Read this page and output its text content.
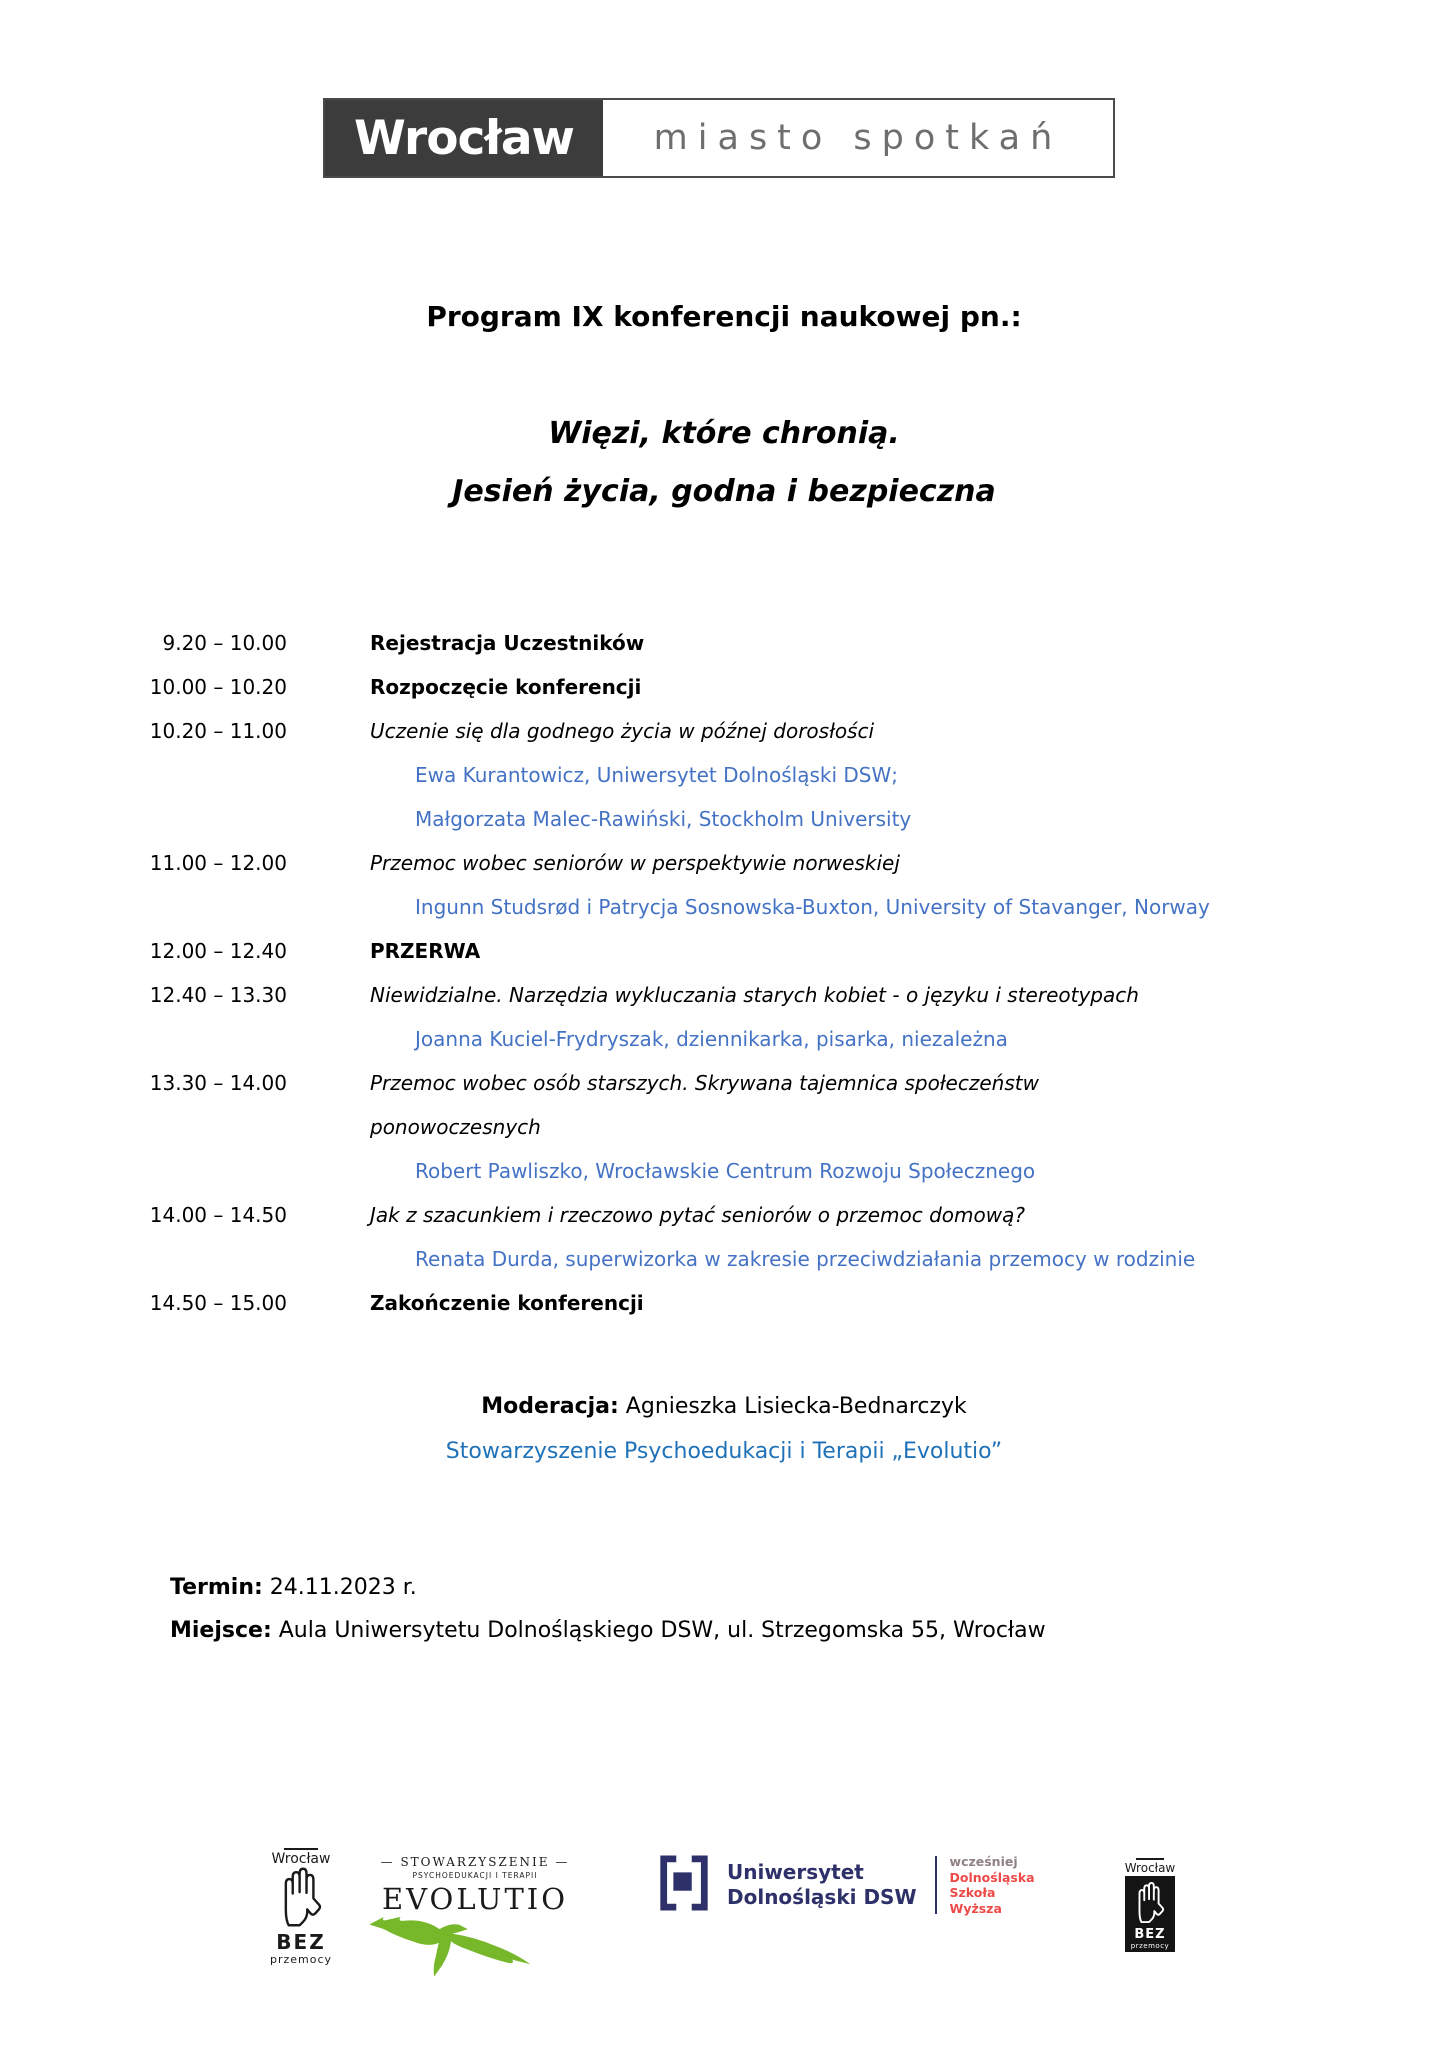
Wrocław	miasto spotkań
Program IX konferencji naukowej pn.:
Więzi, które chronią.
Jesień życia, godna i bezpieczna
9.20 – 10.00	Rejestracja Uczestników
10.00 – 10.20	Rozpoczęcie konferencji
10.20 – 11.00	Uczenie się dla godnego życia w późnej dorosłości
Ewa Kurantowicz, Uniwersytet Dolnośląski DSW;
Małgorzata Malec-Rawiński, Stockholm University
11.00 – 12.00	Przemoc wobec seniorów w perspektywie norweskiej
Ingunn Studsrød i Patrycja Sosnowska-Buxton, University of Stavanger, Norway
12.00 – 12.40	PRZERWA
12.40 – 13.30	Niewidzialne. Narzędzia wykluczania starych kobiet - o języku i stereotypach
Joanna Kuciel-Frydryszak, dziennikarka, pisarka, niezależna
13.30 – 14.00	Przemoc wobec osób starszych. Skrywana tajemnica społeczeństw
ponowoczesnych
Robert Pawliszko, Wrocławskie Centrum Rozwoju Społecznego
14.00 – 14.50	Jak z szacunkiem i rzeczowo pytać seniorów o przemoc domową?
Renata Durda, superwizorka w zakresie przeciwdziałania przemocy w rodzinie
14.50 – 15.00	Zakończenie konferencji
Moderacja: Agnieszka Lisiecka-Bednarczyk
Stowarzyszenie Psychoedukacji i Terapii „Evolutio”
Termin: 24.11.2023 r.
Miejsce: Aula Uniwersytetu Dolnośląskiego DSW, ul. Strzegomska 55, Wrocław
Wrocław
BEZ
przemocy
— STOWARZYSZENIE —
PSYCHOEDUKACJI I TERAPII
EVOLUTIO
Uniwersytet
Dolnośląski DSW
wcześniej
Dolnośląska
Szkoła
Wyższa
Wrocław
BEZ
przemocy
